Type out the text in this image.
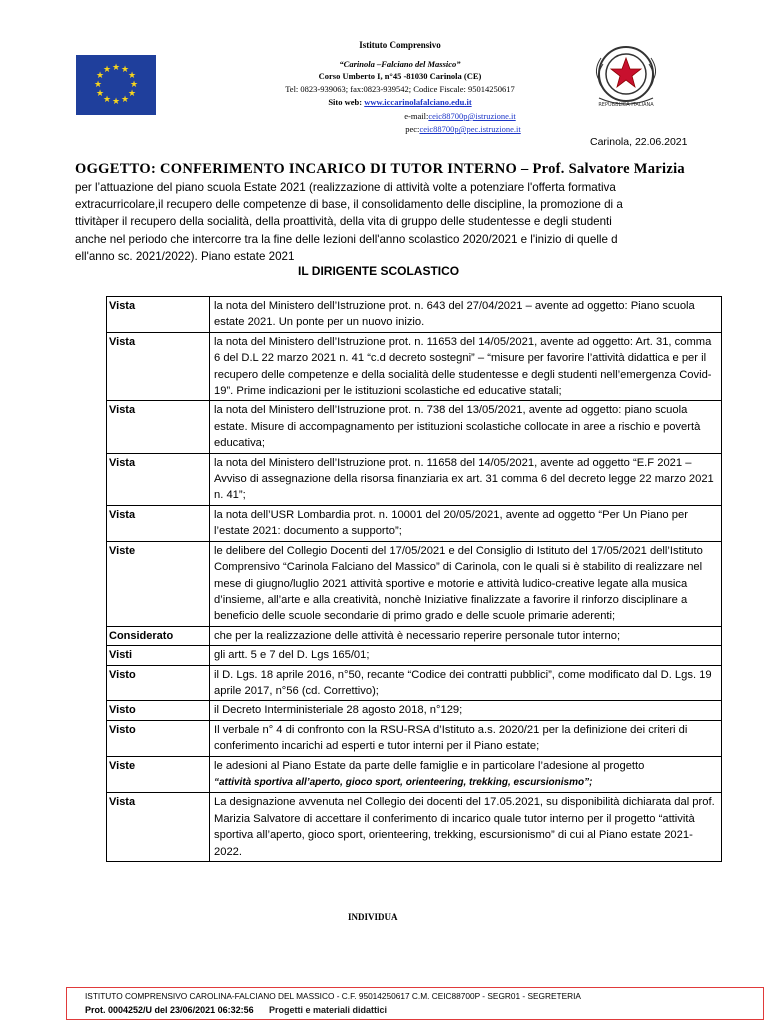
★ ★
★
★
★
★
★
★
★
★
★
★
REPUBBLICA ITALIANA
Istituto Comprensivo
“Carinola –Falciano del Massico”
Corso Umberto I, n°45 -81030 Carinola (CE)
Tel: 0823-939063; fax:0823-939542; Codice Fiscale: 95014250617
Sito web: www.iccarinolafalciano.edu.it
e-mail:ceic88700p@istruzione.it
pec:ceic88700p@pec.istruzione.it
Carinola, 22.06.2021
OGGETTO: CONFERIMENTO INCARICO DI TUTOR INTERNO – Prof. Salvatore Marizia
per l’attuazione del piano scuola Estate 2021 (realizzazione di attività volte a potenziare l'offerta formativa
extracurricolare,il recupero delle competenze di base, il consolidamento delle discipline, la promozione di a
ttivitàper il recupero della socialità, della proattività, della vita di gruppo delle studentesse e degli studenti
anche nel periodo che intercorre tra la fine delle lezioni dell'anno scolastico 2020/2021 e l'inizio di quelle d
ell'anno sc. 2021/2022). Piano estate 2021
IL DIRIGENTE SCOLASTICO
Vista	la nota del Ministero dell’Istruzione prot. n. 643 del 27/04/2021 – avente ad oggetto: Piano scuola estate 2021. Un ponte per un nuovo inizio.
Vista	la nota del Ministero dell’Istruzione prot. n. 11653 del 14/05/2021, avente ad oggetto: Art. 31, comma 6 del D.L 22 marzo 2021 n. 41 “c.d decreto sostegni” – “misure per favorire l’attività didattica e per il recupero delle competenze e della socialità delle studentesse e degli studenti nell’emergenza Covid-19”. Prime indicazioni per le istituzioni scolastiche ed educative statali;
Vista	la nota del Ministero dell’Istruzione prot. n. 738 del 13/05/2021, avente ad oggetto: piano scuola estate. Misure di accompagnamento per istituzioni scolastiche collocate in aree a rischio e povertà educativa;
Vista	la nota del Ministero dell’Istruzione prot. n. 11658 del 14/05/2021, avente ad oggetto “E.F 2021 – Avviso di assegnazione della risorsa finanziaria ex art. 31 comma 6 del decreto legge 22 marzo 2021 n. 41”;
Vista	la nota dell’USR Lombardia prot. n. 10001 del 20/05/2021, avente ad oggetto “Per Un Piano per l’estate 2021: documento a supporto”;
Viste	le delibere del Collegio Docenti del 17/05/2021 e del Consiglio di Istituto del 17/05/2021 dell’Istituto Comprensivo “Carinola Falciano del Massico” di Carinola, con le quali si è stabilito di realizzare nel mese di giugno/luglio 2021 attività sportive e motorie e attività ludico-creative legate alla musica d’insieme, all’arte e alla creatività, nonchè Iniziative finalizzate a favorire il rinforzo disciplinare a beneficio delle scuole secondarie di primo grado e delle scuole primarie aderenti;
Considerato	che per la realizzazione delle attività è necessario reperire personale tutor interno;
Visti	gli artt. 5 e 7 del D. Lgs 165/01;
Visto	il D. Lgs. 18 aprile 2016, n°50, recante “Codice dei contratti pubblici”, come modificato dal D. Lgs. 19 aprile 2017, n°56 (cd. Correttivo);
Visto	il Decreto Interministeriale 28 agosto 2018, n°129;
Visto	Il verbale n° 4 di confronto con la RSU-RSA d’Istituto a.s. 2020/21 per la definizione dei criteri di conferimento incarichi ad esperti e tutor interni per il Piano estate;
Viste	le adesioni al Piano Estate da parte delle famiglie e in particolare l’adesione al progetto
“attività sportiva all’aperto, gioco sport, orienteering, trekking, escursionismo”;
Vista	La designazione avvenuta nel Collegio dei docenti del 17.05.2021, su disponibilità dichiarata dal prof. Marizia Salvatore di accettare il conferimento di incarico quale tutor interno per il progetto “attività sportiva all’aperto, gioco sport, orienteering, trekking, escursionismo” di cui al Piano estate 2021-2022.
INDIVIDUA
ISTITUTO COMPRENSIVO CAROLINA-FALCIANO DEL MASSICO - C.F. 95014250617 C.M. CEIC88700P - SEGR01 - SEGRETERIA
Prot. 0004252/U del 23/06/2021 06:32:56 Progetti e materiali didattici
